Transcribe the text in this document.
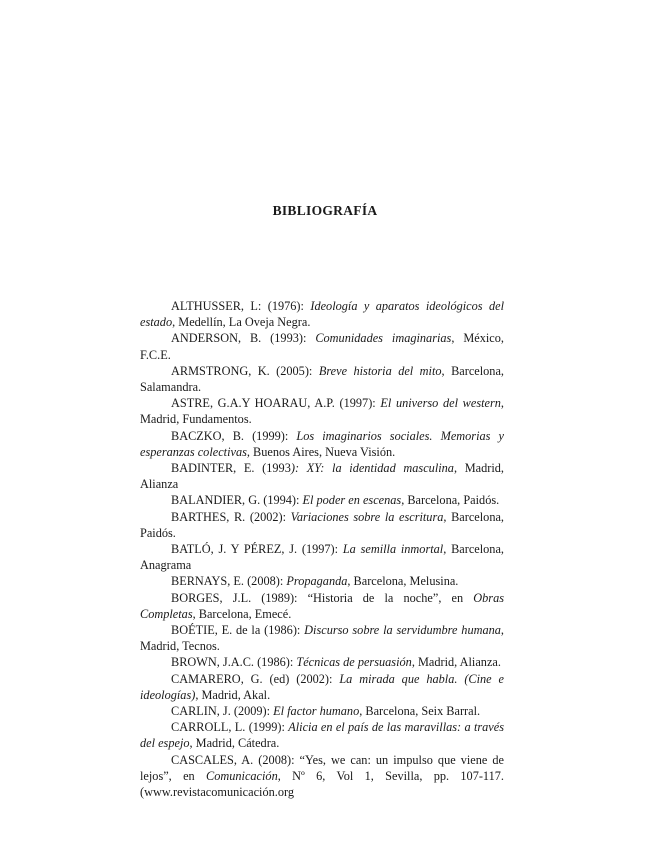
BIBLIOGRAFÍA

ALTHUSSER, L: (1976): Ideología y aparatos ideológicos del estado, Medellín, La Oveja Negra.

ANDERSON, B. (1993): Comunidades imaginarias, México, F.C.E.

ARMSTRONG, K. (2005): Breve historia del mito, Barcelona, Salamandra.

ASTRE, G.A.Y HOARAU, A.P. (1997): El universo del western, Madrid, Fundamentos.

BACZKO, B. (1999): Los imaginarios sociales. Memorias y esperanzas colectivas, Buenos Aires, Nueva Visión.

BADINTER, E. (1993): XY: la identidad masculina, Madrid, Alianza

BALANDIER, G. (1994): El poder en escenas, Barcelona, Paidós.

BARTHES, R. (2002): Variaciones sobre la escritura, Barcelona, Paidós.

BATLÓ, J. Y PÉREZ, J. (1997): La semilla inmortal, Barcelona, Anagrama

BERNAYS, E. (2008): Propaganda, Barcelona, Melusina.

BORGES, J.L. (1989): “Historia de la noche”, en Obras Completas, Barcelona, Emecé.

BOÉTIE, E. de la (1986): Discurso sobre la servidumbre humana, Madrid, Tecnos.

BROWN, J.A.C. (1986): Técnicas de persuasión, Madrid, Alianza.

CAMARERO, G. (ed) (2002): La mirada que habla. (Cine e ideologías), Madrid, Akal.

CARLIN, J. (2009): El factor humano, Barcelona, Seix Barral.

CARROLL, L. (1999): Alicia en el país de las maravillas: a través del espejo, Madrid, Cátedra.

CASCALES, A. (2008): “Yes, we can: un impulso que viene de lejos”, en Comunicación, Nº 6, Vol 1, Sevilla, pp. 107-117. (www.revistacomunicación.org
